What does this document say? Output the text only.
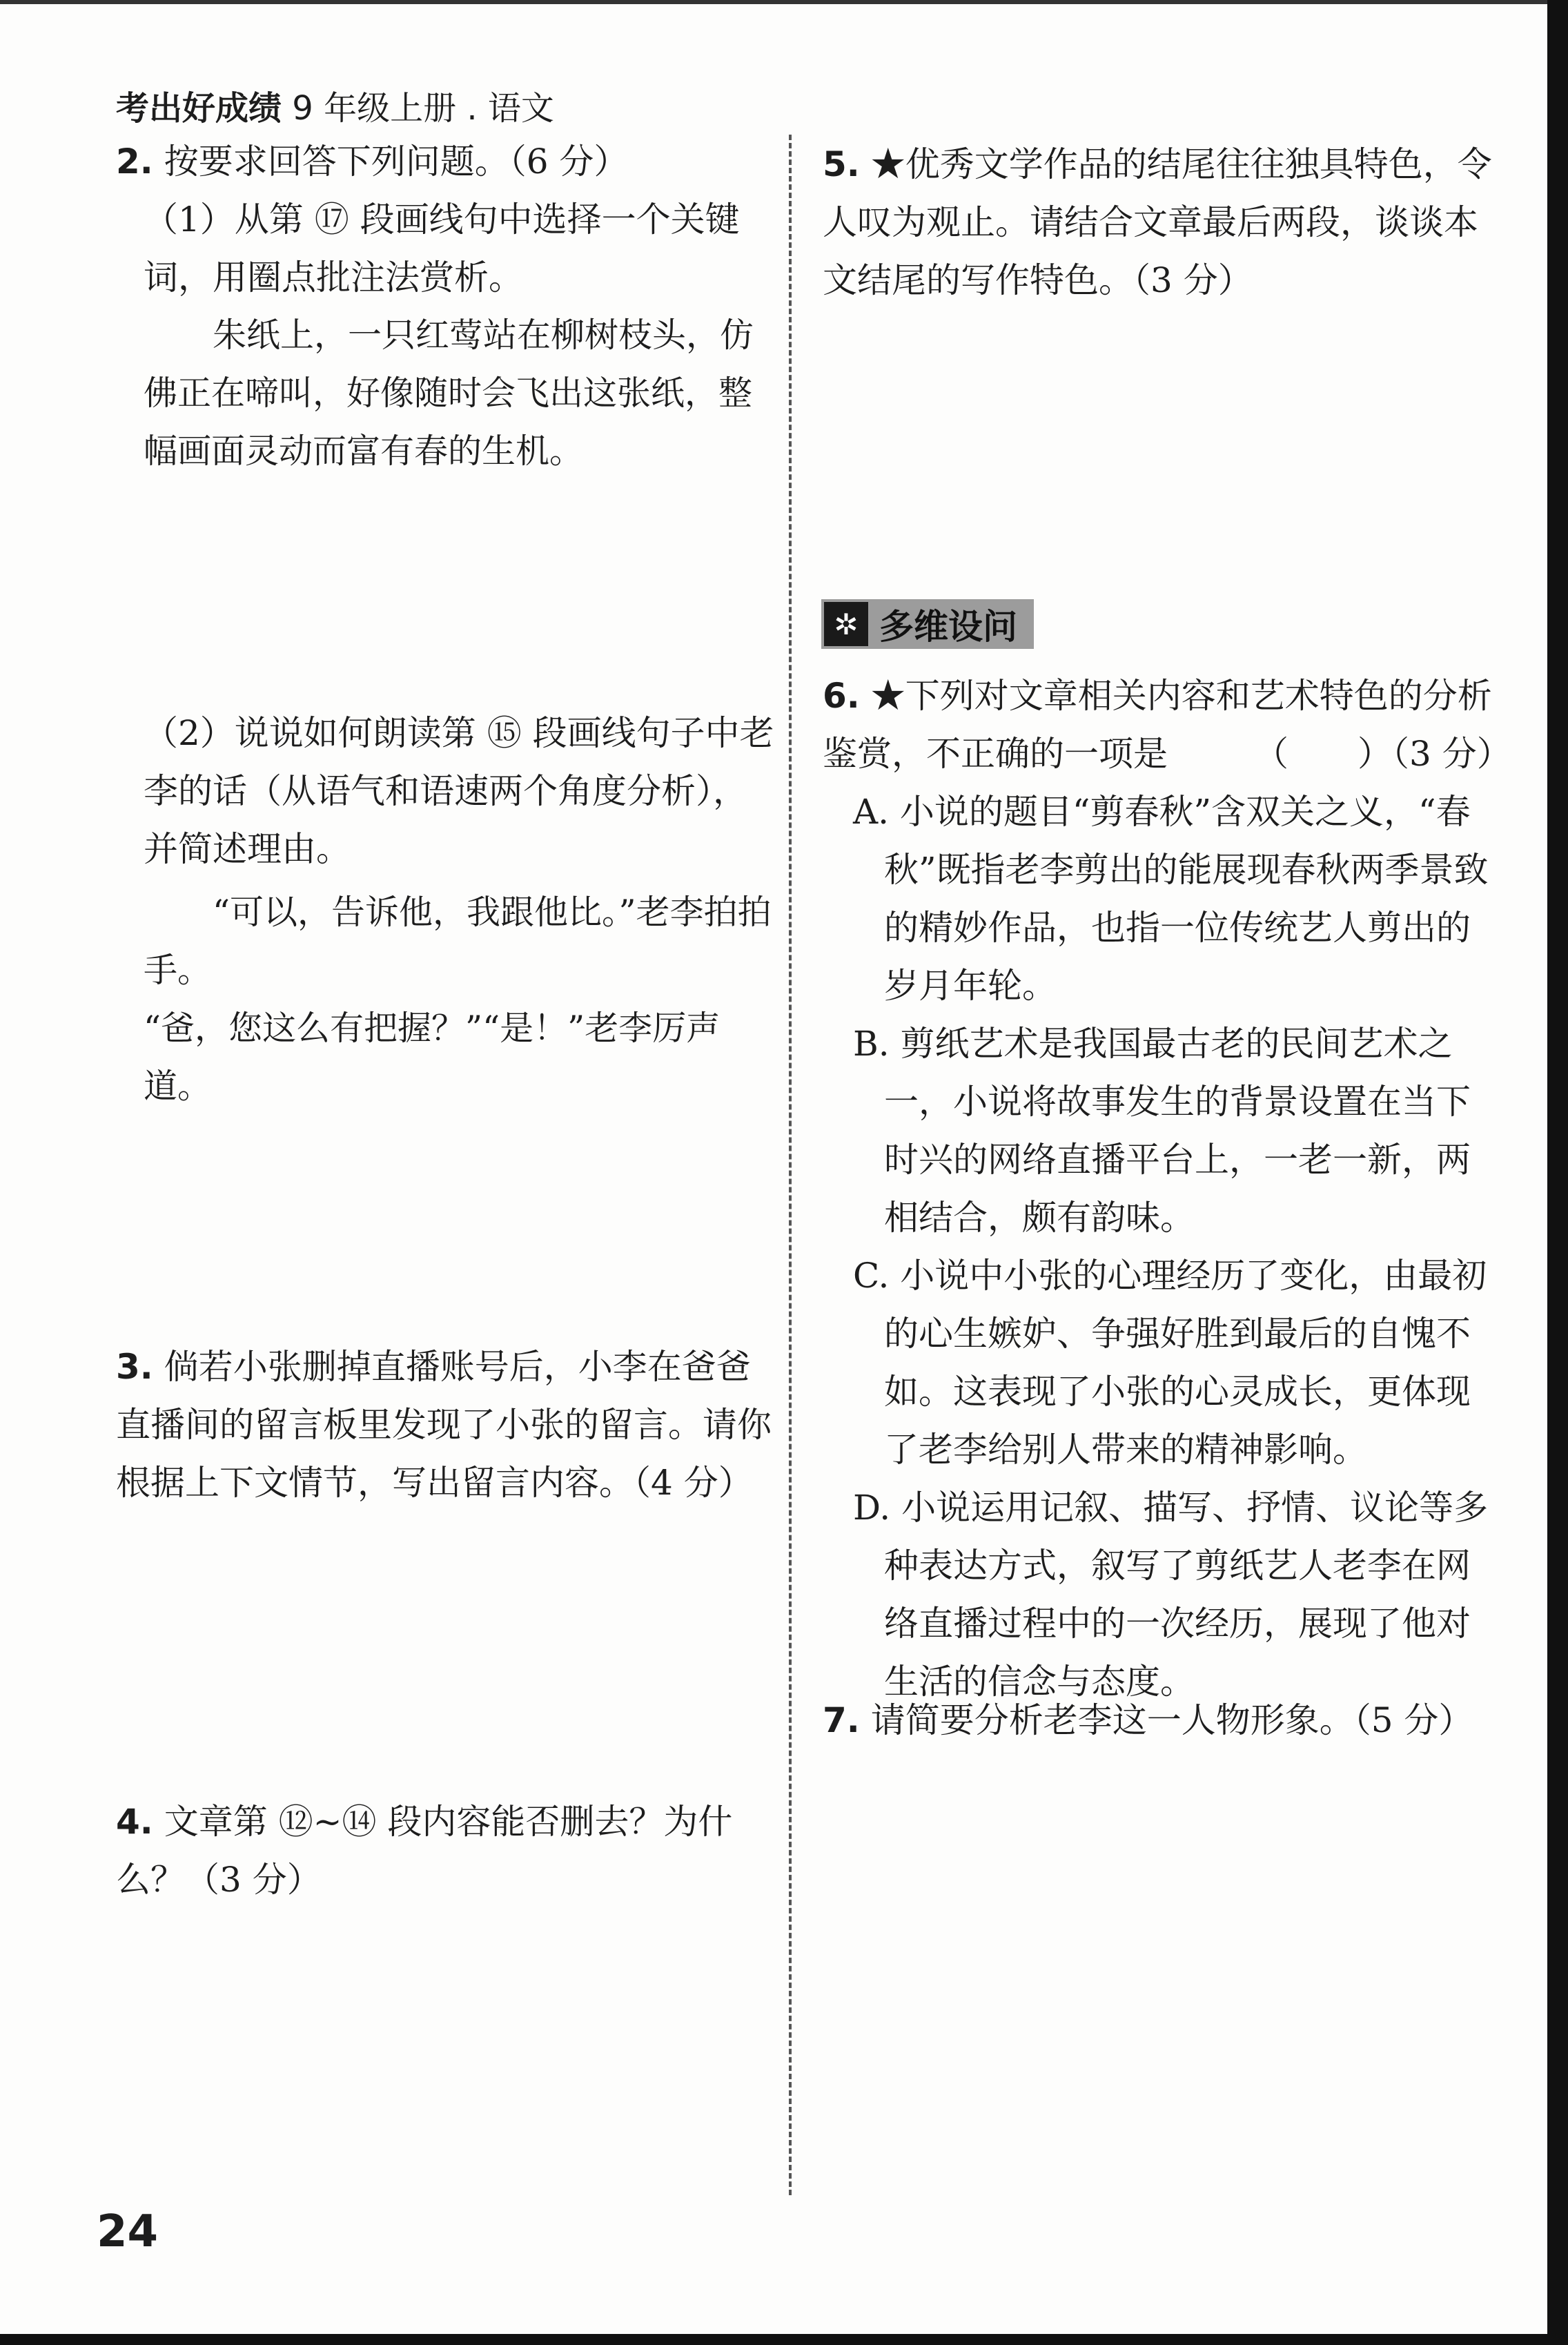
考出好成绩 9 年级上册 . 语文

2. 按要求回答下列问题。（6 分）

（1）从第 ⑰ 段画线句中选择一个关键词，用圈点批注法赏析。

朱纸上，一只红莺站在柳树枝头，仿佛正在啼叫，好像随时会飞出这张纸，整幅画面灵动而富有春的生机。

（2）说说如何朗读第 ⑮ 段画线句子中老李的话（从语气和语速两个角度分析），并简述理由。

“可以，告诉他，我跟他比。”老李拍拍手。

“爸，您这么有把握？”“是！”老李厉声道。

3. 倘若小张删掉直播账号后，小李在爸爸直播间的留言板里发现了小张的留言。请你根据上下文情节，写出留言内容。（4 分）

4. 文章第 ⑫~⑭ 段内容能否删去？为什么？（3 分）

5. ★优秀文学作品的结尾往往独具特色，令人叹为观止。请结合文章最后两段，谈谈本文结尾的写作特色。（3 分）

✲ 多维设问

6. ★下列对文章相关内容和艺术特色的分析鉴赏，不正确的一项是　　　（　　）（3 分）

A. 小说的题目“剪春秋”含双关之义，“春秋”既指老李剪出的能展现春秋两季景致的精妙作品，也指一位传统艺人剪出的岁月年轮。

B. 剪纸艺术是我国最古老的民间艺术之一，小说将故事发生的背景设置在当下时兴的网络直播平台上，一老一新，两相结合，颇有韵味。

C. 小说中小张的心理经历了变化，由最初的心生嫉妒、争强好胜到最后的自愧不如。这表现了小张的心灵成长，更体现了老李给别人带来的精神影响。

D. 小说运用记叙、描写、抒情、议论等多种表达方式，叙写了剪纸艺人老李在网络直播过程中的一次经历，展现了他对生活的信念与态度。

7. 请简要分析老李这一人物形象。（5 分）

24
